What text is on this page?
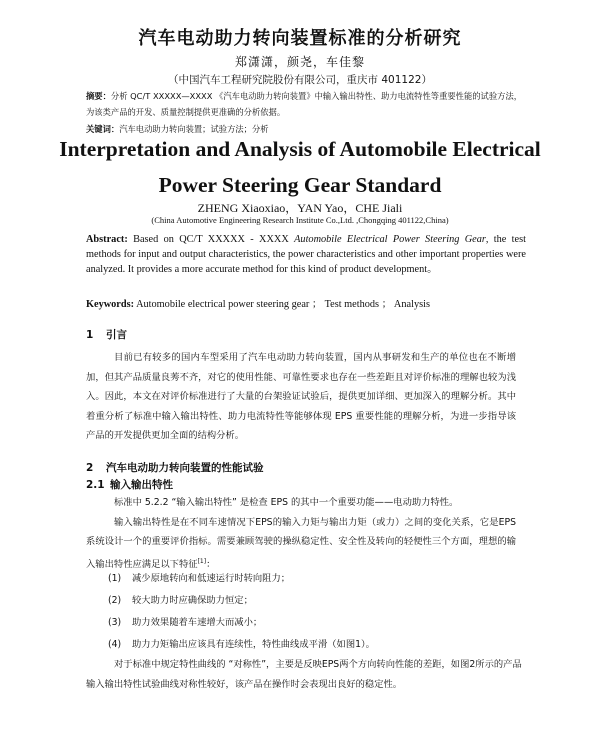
汽车电动助力转向装置标准的分析研究
郑潇潇，颜尧，车佳黎
（中国汽车工程研究院股份有限公司，重庆市 401122）
摘要：分析 QC/T XXXXX—XXXX 《汽车电动助力转向装置》中输入输出特性、助力电流特性等重要性能的试验方法，为该类产品的开发、质量控制提供更准确的分析依据。
关键词：汽车电动助力转向装置；试验方法；分析
Interpretation and Analysis of Automobile Electrical
Power Steering Gear Standard
ZHENG Xiaoxiao，YAN Yao，CHE Jiali
(China Automotive Engineering Research Institute Co.,Ltd. ,Chongqing 401122,China)
Abstract: Based on QC/T XXXXX - XXXX Automobile Electrical Power Steering Gear, the test methods for input and output characteristics, the power characteristics and other important properties were analyzed. It provides a more accurate method for this kind of product development。
Keywords: Automobile electrical power steering gear ； Test methods ； Analysis
1 引言

目前已有较多的国内车型采用了汽车电动助力转向装置，国内从事研发和生产的单位也在不断增加，但其产品质量良莠不齐，对它的使用性能、可靠性要求也存在一些差距且对评价标准的理解也较为浅入。因此，本文在对评价标准进行了大量的台架验证试验后，提供更加详细、更加深入的理解分析。其中着重分析了标准中输入输出特性、助力电流特性等能够体现 EPS 重要性能的理解分析，为进一步指导该产品的开发提供更加全面的结构分析。

2 汽车电动助力转向装置的性能试验
2.1 输入输出特性

标准中 5.2.2 “输入输出特性” 是检查 EPS 的其中一个重要功能——电动助力特性。

输入输出特性是在不同车速情况下EPS的输入力矩与输出力矩（或力）之间的变化关系，它是EPS系统设计一个的重要评价指标。需要兼顾驾驶的操纵稳定性、安全性及转向的轻便性三个方面，理想的输入输出特性应满足以下特征[1]：

(1) 减少原地转向和低速运行时转向阻力；
(2) 较大助力时应确保助力恒定；
(3) 助力效果随着车速增大而减小；
(4) 助力力矩输出应该具有连续性，特性曲线成平滑（如图1）。

对于标准中规定特性曲线的 “对称性”，主要是反映EPS两个方向转向性能的差距，如图2所示的产品输入输出特性试验曲线对称性较好，该产品在操作时会表现出良好的稳定性。
